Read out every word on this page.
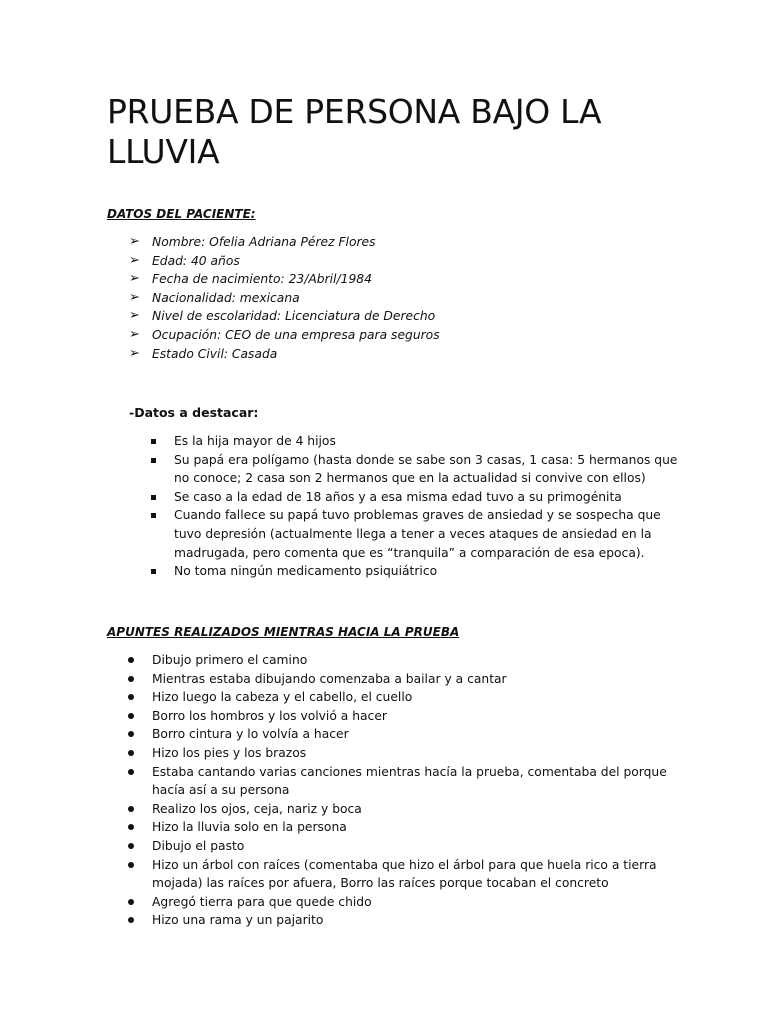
PRUEBA DE PERSONA BAJO LA LLUVIA
DATOS DEL PACIENTE:
➢ Nombre: Ofelia Adriana Pérez Flores
➢ Edad: 40 años
➢ Fecha de nacimiento: 23/Abril/1984
➢ Nacionalidad: mexicana
➢ Nivel de escolaridad: Licenciatura de Derecho
➢ Ocupación: CEO de una empresa para seguros
➢ Estado Civil: Casada
-Datos a destacar:
Es la hija mayor de 4 hijos
Su papá era polígamo (hasta donde se sabe son 3 casas, 1 casa: 5 hermanos que no conoce; 2 casa son 2 hermanos que en la actualidad si convive con ellos)
Se caso a la edad de 18 años y a esa misma edad tuvo a su primogénita
Cuando fallece su papá tuvo problemas graves de ansiedad y se sospecha que tuvo depresión (actualmente llega a tener a veces ataques de ansiedad en la madrugada, pero comenta que es “tranquila” a comparación de esa epoca).
No toma ningún medicamento psiquiátrico
APUNTES REALIZADOS MIENTRAS HACIA LA PRUEBA
Dibujo primero el camino
Mientras estaba dibujando comenzaba a bailar y a cantar
Hizo luego la cabeza y el cabello, el cuello
Borro los hombros y los volvió a hacer
Borro cintura y lo volvía a hacer
Hizo los pies y los brazos
Estaba cantando varias canciones mientras hacía la prueba, comentaba del porque hacía así a su persona
Realizo los ojos, ceja, nariz y boca
Hizo la lluvia solo en la persona
Dibujo el pasto
Hizo un árbol con raíces (comentaba que hizo el árbol para que huela rico a tierra mojada) las raíces por afuera, Borro las raíces porque tocaban el concreto
Agregó tierra para que quede chido
Hizo una rama y un pajarito
